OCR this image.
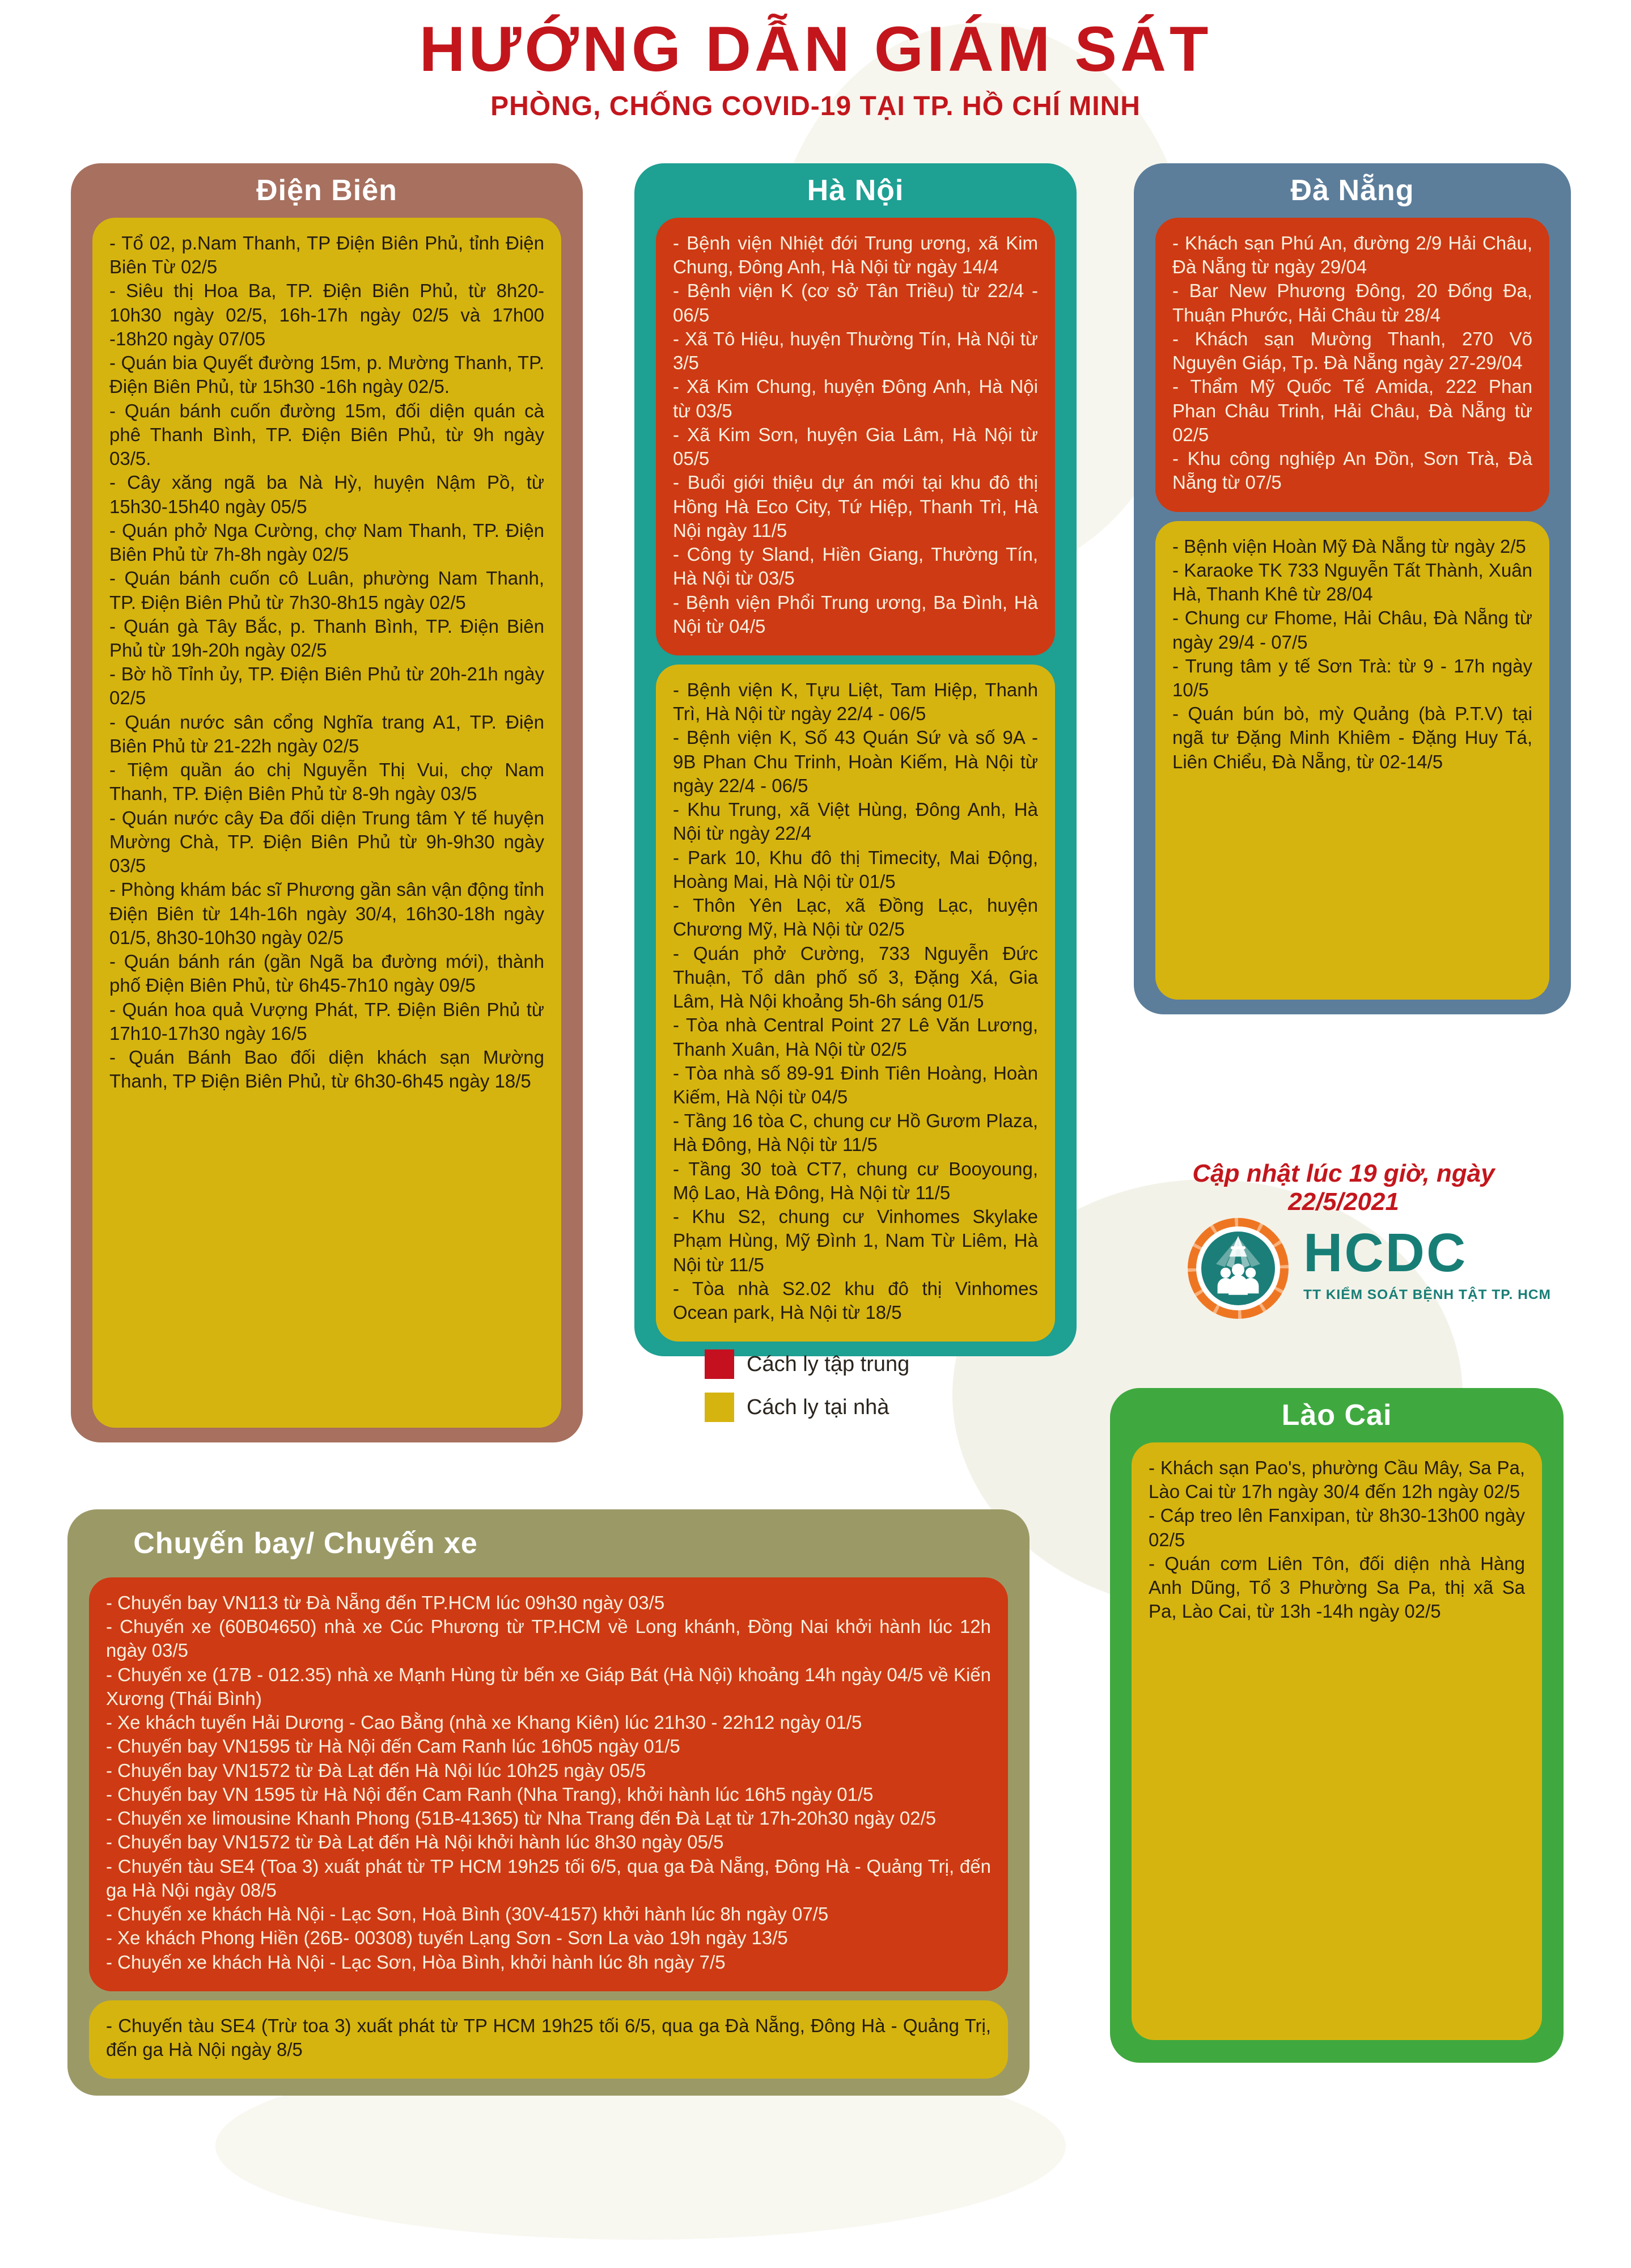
HƯỚNG DẪN GIÁM SÁT
PHÒNG, CHỐNG COVID-19 TẠI TP. HỒ CHÍ MINH
Điện Biên

- Tổ 02, p.Nam Thanh, TP Điện Biên Phủ, tỉnh Điện Biên Từ 02/5

- Siêu thị Hoa Ba, TP. Điện Biên Phủ, từ 8h20-10h30 ngày 02/5, 16h-17h ngày 02/5 và 17h00 -18h20 ngày 07/05

- Quán bia Quyết đường 15m, p. Mường Thanh, TP. Điện Biên Phủ, từ 15h30 -16h ngày 02/5.

- Quán bánh cuốn đường 15m, đối diện quán cà phê Thanh Bình, TP. Điện Biên Phủ, từ 9h ngày 03/5.

- Cây xăng ngã ba Nà Hỳ, huyện Nậm Pồ, từ 15h30-15h40 ngày 05/5

- Quán phở Nga Cường, chợ Nam Thanh, TP. Điện Biên Phủ từ 7h-8h ngày 02/5

- Quán bánh cuốn cô Luân, phường Nam Thanh, TP. Điện Biên Phủ từ 7h30-8h15 ngày 02/5

- Quán gà Tây Bắc, p. Thanh Bình, TP. Điện Biên Phủ từ 19h-20h ngày 02/5

- Bờ hồ Tỉnh ủy, TP. Điện Biên Phủ từ 20h-21h ngày 02/5

- Quán nước sân cổng Nghĩa trang A1, TP. Điện Biên Phủ từ 21-22h ngày 02/5

- Tiệm quần áo chị Nguyễn Thị Vui, chợ Nam Thanh, TP. Điện Biên Phủ từ 8-9h ngày 03/5

- Quán nước cây Đa đối diện Trung tâm Y tế huyện Mường Chà, TP. Điện Biên Phủ từ 9h-9h30 ngày 03/5

- Phòng khám bác sĩ Phương gần sân vận động tỉnh Điện Biên từ 14h-16h ngày 30/4, 16h30-18h ngày 01/5, 8h30-10h30 ngày 02/5

- Quán bánh rán (gần Ngã ba đường mới), thành phố Điện Biên Phủ, từ 6h45-7h10 ngày 09/5

- Quán hoa quả Vượng Phát, TP. Điện Biên Phủ từ 17h10-17h30 ngày 16/5

- Quán Bánh Bao đối diện khách sạn Mường Thanh, TP Điện Biên Phủ, từ 6h30-6h45 ngày 18/5

Hà Nội

- Bệnh viện Nhiệt đới Trung ương, xã Kim Chung, Đông Anh, Hà Nội từ ngày 14/4

- Bệnh viện K (cơ sở Tân Triều) từ 22/4 - 06/5

- Xã Tô Hiệu, huyện Thường Tín, Hà Nội từ 3/5

- Xã Kim Chung, huyện Đông Anh, Hà Nội từ 03/5

- Xã Kim Sơn, huyện Gia Lâm, Hà Nội từ 05/5

- Buổi giới thiệu dự án mới tại khu đô thị Hồng Hà Eco City, Tứ Hiệp, Thanh Trì, Hà Nội ngày 11/5

- Công ty Sland, Hiền Giang, Thường Tín, Hà Nội từ 03/5

- Bệnh viện Phổi Trung ương, Ba Đình, Hà Nội từ 04/5

- Bệnh viện K, Tựu Liệt, Tam Hiệp, Thanh Trì, Hà Nội từ ngày 22/4 - 06/5

- Bệnh viện K, Số 43 Quán Sứ và số 9A - 9B Phan Chu Trinh, Hoàn Kiếm, Hà Nội từ ngày 22/4 - 06/5

- Khu Trung, xã Việt Hùng, Đông Anh, Hà Nội từ ngày 22/4

- Park 10, Khu đô thị Timecity, Mai Động, Hoàng Mai, Hà Nội từ 01/5

- Thôn Yên Lạc, xã Đồng Lạc, huyện Chương Mỹ, Hà Nội từ 02/5

- Quán phở Cường, 733 Nguyễn Đức Thuận, Tổ dân phố số 3, Đặng Xá, Gia Lâm, Hà Nội khoảng 5h-6h sáng 01/5

- Tòa nhà Central Point 27 Lê Văn Lương, Thanh Xuân, Hà Nội từ 02/5

- Tòa nhà số 89-91 Đinh Tiên Hoàng, Hoàn Kiếm, Hà Nội từ 04/5

- Tầng 16 tòa C, chung cư Hồ Gươm Plaza, Hà Đông, Hà Nội từ 11/5

- Tầng 30 toà CT7, chung cư Booyoung, Mộ Lao, Hà Đông, Hà Nội từ 11/5

- Khu S2, chung cư Vinhomes Skylake Phạm Hùng, Mỹ Đình 1, Nam Từ Liêm, Hà Nội từ 11/5

- Tòa nhà S2.02 khu đô thị Vinhomes Ocean park, Hà Nội từ 18/5

Đà Nẵng

- Khách sạn Phú An, đường 2/9 Hải Châu, Đà Nẵng từ ngày 29/04

- Bar New Phương Đông, 20 Đống Đa, Thuận Phước, Hải Châu từ 28/4

- Khách sạn Mường Thanh, 270 Võ Nguyên Giáp, Tp. Đà Nẵng ngày 27-29/04

- Thẩm Mỹ Quốc Tế Amida, 222 Phan Phan Châu Trinh, Hải Châu, Đà Nẵng từ 02/5

- Khu công nghiệp An Đồn, Sơn Trà, Đà Nẵng từ 07/5

- Bệnh viện Hoàn Mỹ Đà Nẵng từ ngày 2/5

- Karaoke TK 733 Nguyễn Tất Thành, Xuân Hà, Thanh Khê từ 28/04

- Chung cư Fhome, Hải Châu, Đà Nẵng từ ngày 29/4 - 07/5

- Trung tâm y tế Sơn Trà: từ 9 - 17h ngày 10/5

- Quán bún bò, mỳ Quảng (bà P.T.V) tại ngã tư Đặng Minh Khiêm - Đặng Huy Tá, Liên Chiểu, Đà Nẵng, từ 02-14/5

Cập nhật lúc 19 giờ, ngày 22/5/2021
HCDC
TT KIỂM SOÁT BỆNH TẬT TP. HCM
Cách ly tập trung
Cách ly tại nhà	Lào Cai

- Khách sạn Pao's, phường Cầu Mây, Sa Pa, Lào Cai từ 17h ngày 30/4 đến 12h ngày 02/5

- Cáp treo lên Fanxipan, từ 8h30-13h00 ngày 02/5

- Quán cơm Liên Tôn, đối diện nhà Hàng Anh Dũng, Tổ 3 Phường Sa Pa, thị xã Sa Pa, Lào Cai, từ 13h -14h ngày 02/5

Chuyến bay/ Chuyến xe

- Chuyến bay VN113 từ Đà Nẵng đến TP.HCM lúc 09h30 ngày 03/5

- Chuyến xe (60B04650) nhà xe Cúc Phương từ TP.HCM về Long khánh, Đồng Nai khởi hành lúc 12h ngày 03/5

- Chuyến xe (17B - 012.35) nhà xe Mạnh Hùng từ bến xe Giáp Bát (Hà Nội) khoảng 14h ngày 04/5 về Kiến Xương (Thái Bình)

- Xe khách tuyến Hải Dương - Cao Bằng (nhà xe Khang Kiên) lúc 21h30 - 22h12 ngày 01/5

- Chuyến bay VN1595 từ Hà Nội đến Cam Ranh lúc 16h05 ngày 01/5

- Chuyến bay VN1572 từ Đà Lạt đến Hà Nội lúc 10h25 ngày 05/5

- Chuyến bay VN 1595 từ Hà Nội đến Cam Ranh (Nha Trang), khởi hành lúc 16h5 ngày 01/5

- Chuyến xe limousine Khanh Phong (51B-41365) từ Nha Trang đến Đà Lạt từ 17h-20h30 ngày 02/5

- Chuyến bay VN1572 từ Đà Lạt đến Hà Nội khởi hành lúc 8h30 ngày 05/5

- Chuyến tàu SE4 (Toa 3) xuất phát từ TP HCM 19h25 tối 6/5, qua ga Đà Nẵng, Đông Hà - Quảng Trị, đến ga Hà Nội ngày 08/5

- Chuyến xe khách Hà Nội - Lạc Sơn, Hoà Bình (30V-4157) khởi hành lúc 8h ngày 07/5

- Xe khách Phong Hiền (26B- 00308) tuyến Lạng Sơn - Sơn La vào 19h ngày 13/5

- Chuyến xe khách Hà Nội - Lạc Sơn, Hòa Bình, khởi hành lúc 8h ngày 7/5

- Chuyến tàu SE4 (Trừ toa 3) xuất phát từ TP HCM 19h25 tối 6/5, qua ga Đà Nẵng, Đông Hà - Quảng Trị, đến ga Hà Nội ngày 8/5
